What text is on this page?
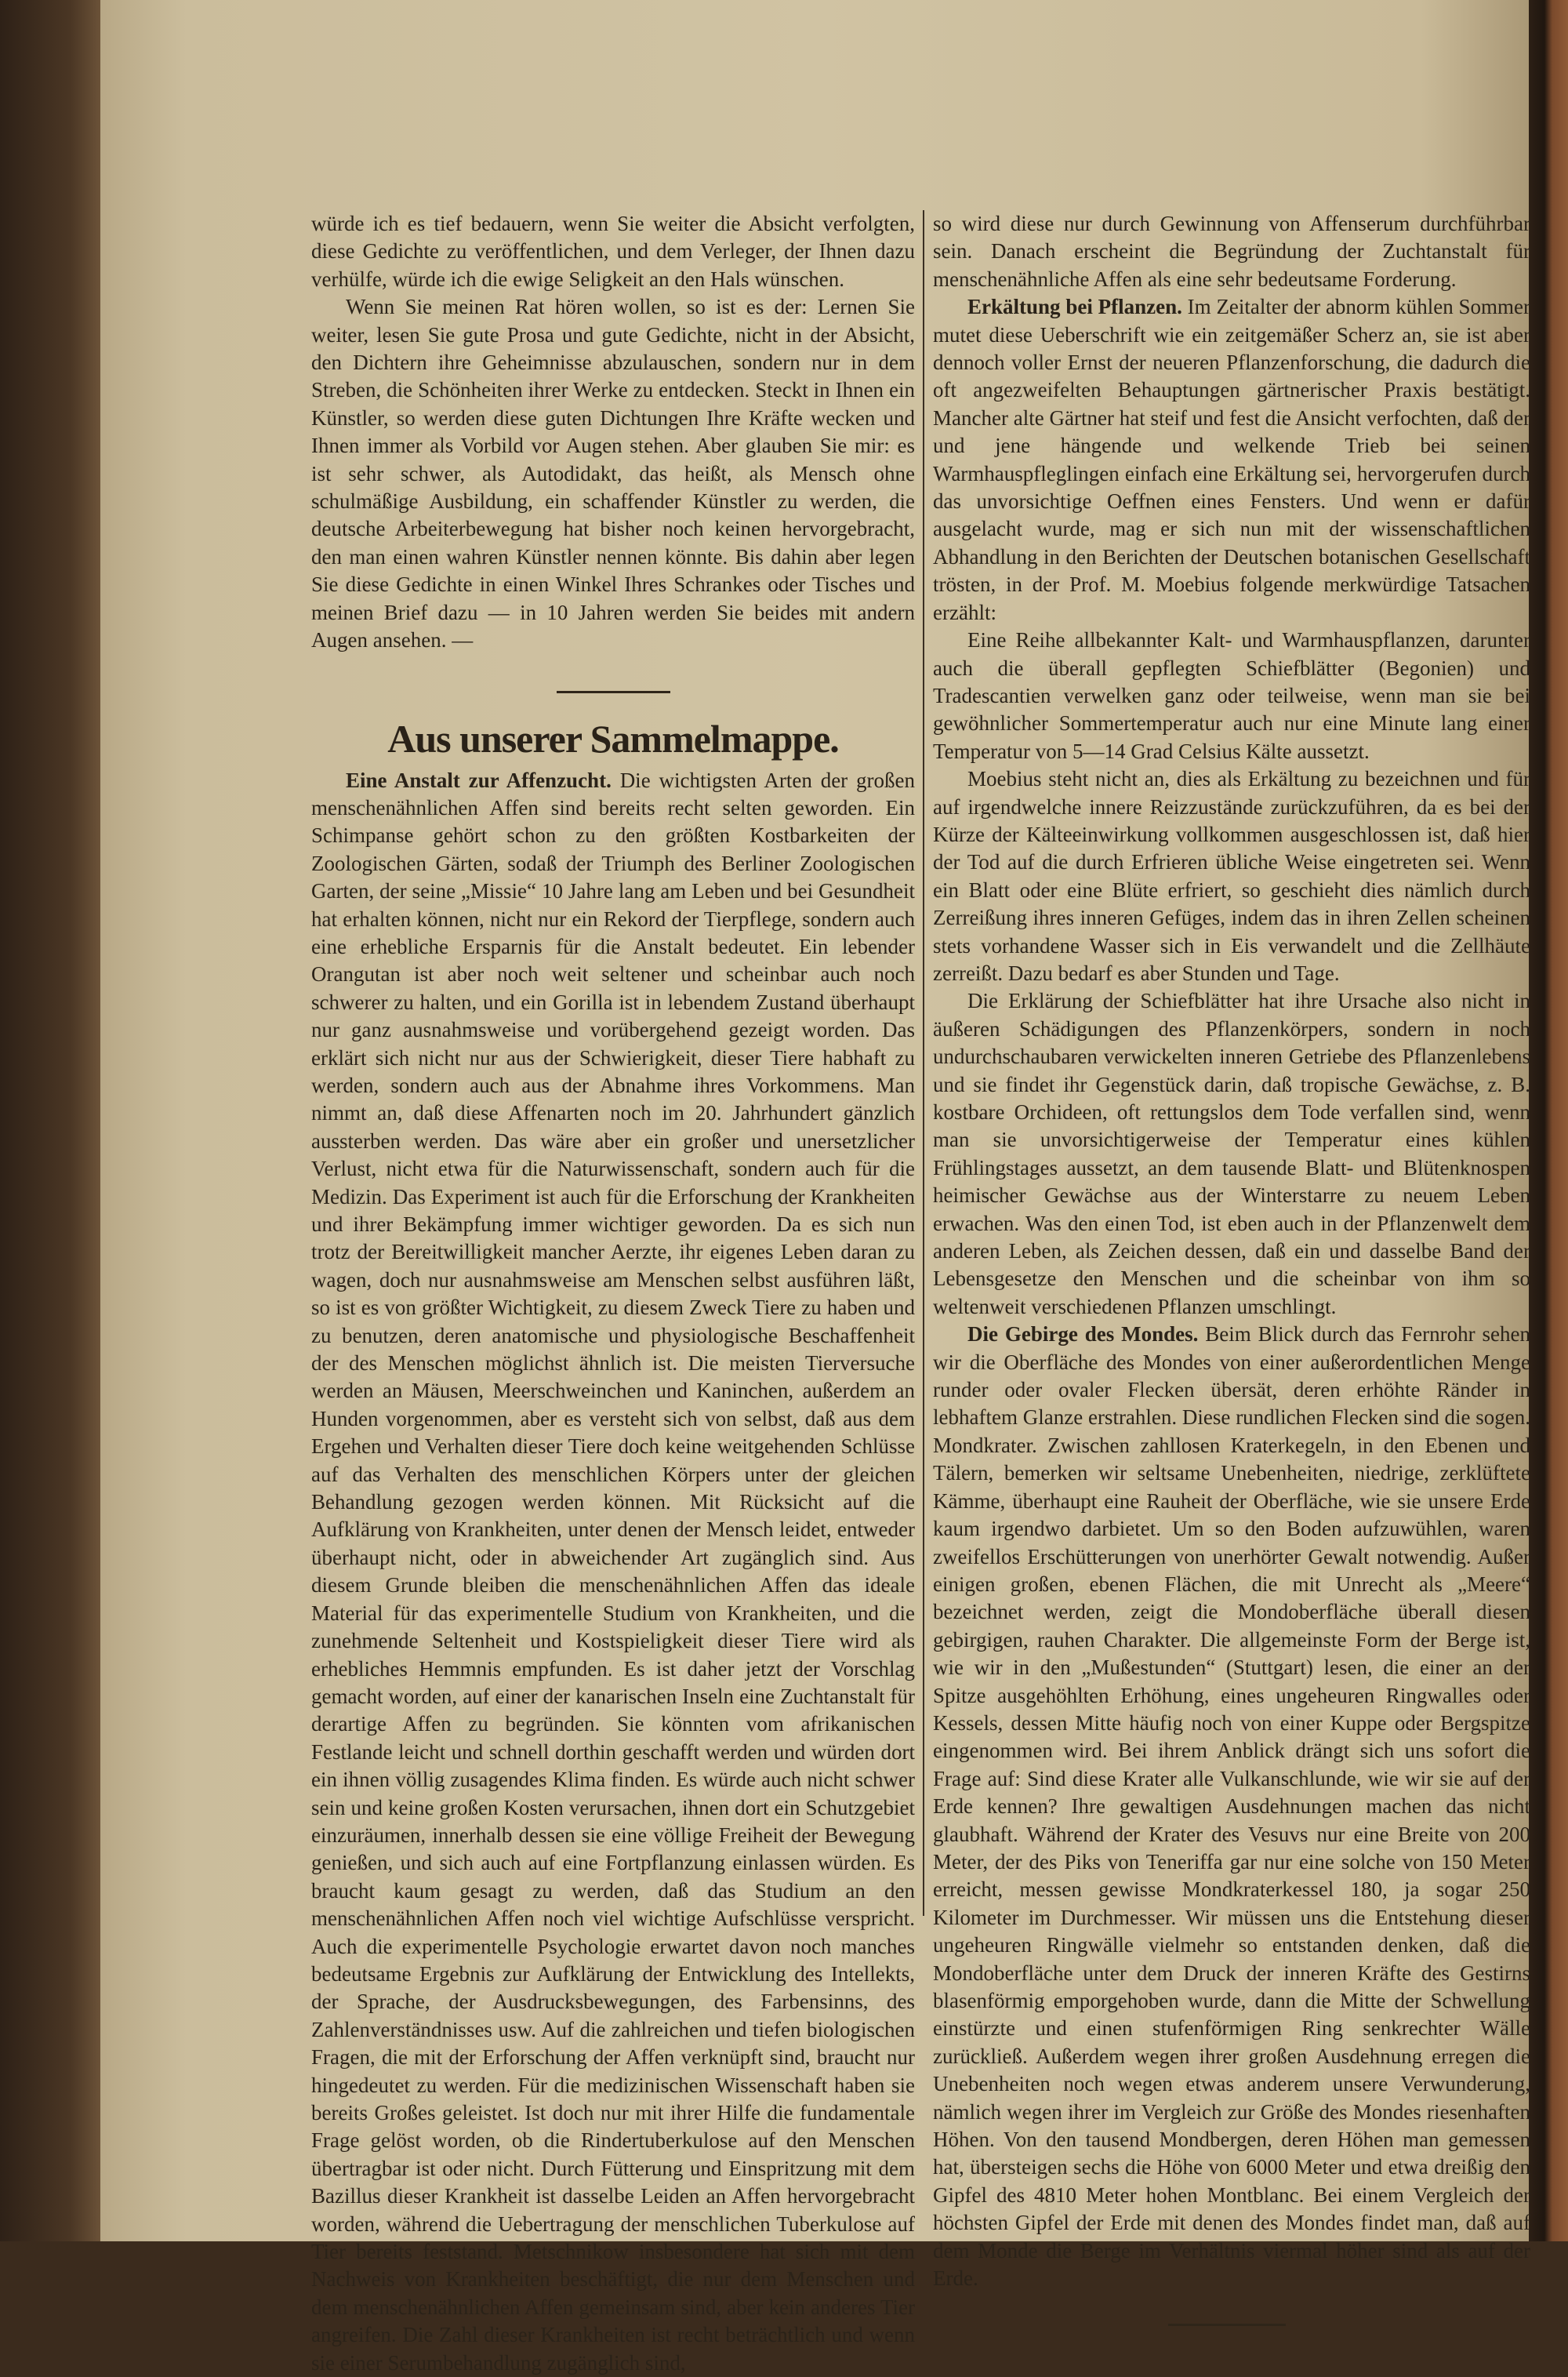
würde ich es tief bedauern, wenn Sie weiter die Absicht verfolgten, diese Gedichte zu veröffentlichen, und dem Verleger, der Ihnen dazu verhülfe, würde ich die ewige Seligkeit an den Hals wünschen.

Wenn Sie meinen Rat hören wollen, so ist es der: Lernen Sie weiter, lesen Sie gute Prosa und gute Gedichte, nicht in der Absicht, den Dichtern ihre Geheimnisse abzulauschen, sondern nur in dem Streben, die Schönheiten ihrer Werke zu entdecken. Steckt in Ihnen ein Künstler, so werden diese guten Dichtungen Ihre Kräfte wecken und Ihnen immer als Vorbild vor Augen stehen. Aber glauben Sie mir: es ist sehr schwer, als Autodidakt, das heißt, als Mensch ohne schulmäßige Ausbildung, ein schaffender Künstler zu werden, die deutsche Arbeiterbewegung hat bisher noch keinen hervorgebracht, den man einen wahren Künstler nennen könnte. Bis dahin aber legen Sie diese Gedichte in einen Winkel Ihres Schrankes oder Tisches und meinen Brief dazu — in 10 Jahren werden Sie beides mit andern Augen ansehen. —

Aus unserer Sammelmappe.

Eine Anstalt zur Affenzucht. Die wichtigsten Arten der großen menschenähnlichen Affen sind bereits recht selten geworden. Ein Schimpanse gehört schon zu den größten Kostbarkeiten der Zoologischen Gärten, sodaß der Triumph des Berliner Zoologischen Garten, der seine „Missie“ 10 Jahre lang am Leben und bei Gesundheit hat erhalten können, nicht nur ein Rekord der Tierpflege, sondern auch eine erhebliche Ersparnis für die Anstalt bedeutet. Ein lebender Orangutan ist aber noch weit seltener und scheinbar auch noch schwerer zu halten, und ein Gorilla ist in lebendem Zustand überhaupt nur ganz ausnahmsweise und vorübergehend gezeigt worden. Das erklärt sich nicht nur aus der Schwierigkeit, dieser Tiere habhaft zu werden, sondern auch aus der Abnahme ihres Vorkommens. Man nimmt an, daß diese Affenarten noch im 20. Jahrhundert gänzlich aussterben werden. Das wäre aber ein großer und unersetzlicher Verlust, nicht etwa für die Naturwissenschaft, sondern auch für die Medizin. Das Experiment ist auch für die Erforschung der Krankheiten und ihrer Bekämpfung immer wichtiger geworden. Da es sich nun trotz der Bereitwilligkeit mancher Aerzte, ihr eigenes Leben daran zu wagen, doch nur ausnahmsweise am Menschen selbst ausführen läßt, so ist es von größter Wichtigkeit, zu diesem Zweck Tiere zu haben und zu benutzen, deren anatomische und physiologische Beschaffenheit der des Menschen möglichst ähnlich ist. Die meisten Tierversuche werden an Mäusen, Meerschweinchen und Kaninchen, außerdem an Hunden vorgenommen, aber es versteht sich von selbst, daß aus dem Ergehen und Verhalten dieser Tiere doch keine weitgehenden Schlüsse auf das Verhalten des menschlichen Körpers unter der gleichen Behandlung gezogen werden können. Mit Rücksicht auf die Aufklärung von Krankheiten, unter denen der Mensch leidet, entweder überhaupt nicht, oder in abweichender Art zugänglich sind. Aus diesem Grunde bleiben die menschenähnlichen Affen das ideale Material für das experimentelle Studium von Krankheiten, und die zunehmende Seltenheit und Kostspieligkeit dieser Tiere wird als erhebliches Hemmnis empfunden. Es ist daher jetzt der Vorschlag gemacht worden, auf einer der kanarischen Inseln eine Zuchtanstalt für derartige Affen zu begründen. Sie könnten vom afrikanischen Festlande leicht und schnell dorthin geschafft werden und würden dort ein ihnen völlig zusagendes Klima finden. Es würde auch nicht schwer sein und keine großen Kosten verursachen, ihnen dort ein Schutzgebiet einzuräumen, innerhalb dessen sie eine völlige Freiheit der Bewegung genießen, und sich auch auf eine Fortpflanzung einlassen würden. Es braucht kaum gesagt zu werden, daß das Studium an den menschenähnlichen Affen noch viel wichtige Aufschlüsse verspricht. Auch die experimentelle Psychologie erwartet davon noch manches bedeutsame Ergebnis zur Aufklärung der Entwicklung des Intellekts, der Sprache, der Ausdrucksbewegungen, des Farbensinns, des Zahlenverständnisses usw. Auf die zahlreichen und tiefen biologischen Fragen, die mit der Erforschung der Affen verknüpft sind, braucht nur hingedeutet zu werden. Für die medizinischen Wissenschaft haben sie bereits Großes geleistet. Ist doch nur mit ihrer Hilfe die fundamentale Frage gelöst worden, ob die Rindertuberkulose auf den Menschen übertragbar ist oder nicht. Durch Fütterung und Einspritzung mit dem Bazillus dieser Krankheit ist dasselbe Leiden an Affen hervorgebracht worden, während die Uebertragung der menschlichen Tuberkulose auf Tier bereits feststand. Metschnikow insbesondere hat sich mit dem Nachweis von Krankheiten beschäftigt, die nur dem Menschen und dem menschenähnlichen Affen gemeinsam sind, aber kein anderes Tier angreifen. Die Zahl dieser Krankheiten ist recht beträchtlich und wenn sie einer Serumbehandlung zugänglich sind,

so wird diese nur durch Gewinnung von Affenserum durchführbar sein. Danach erscheint die Begründung der Zuchtanstalt für menschenähnliche Affen als eine sehr bedeutsame Forderung.

Erkältung bei Pflanzen. Im Zeitalter der abnorm kühlen Sommer mutet diese Ueberschrift wie ein zeitgemäßer Scherz an, sie ist aber dennoch voller Ernst der neueren Pflanzenforschung, die dadurch die oft angezweifelten Behauptungen gärtnerischer Praxis bestätigt. Mancher alte Gärtner hat steif und fest die Ansicht verfochten, daß der und jene hängende und welkende Trieb bei seinen Warmhauspfleglingen einfach eine Erkältung sei, hervorgerufen durch das unvorsichtige Oeffnen eines Fensters. Und wenn er dafür ausgelacht wurde, mag er sich nun mit der wissenschaftlichen Abhandlung in den Berichten der Deutschen botanischen Gesellschaft trösten, in der Prof. M. Moebius folgende merkwürdige Tatsachen erzählt:

Eine Reihe allbekannter Kalt- und Warmhauspflanzen, darunter auch die überall gepflegten Schiefblätter (Begonien) und Tradescantien verwelken ganz oder teilweise, wenn man sie bei gewöhnlicher Sommertemperatur auch nur eine Minute lang einer Temperatur von 5—14 Grad Celsius Kälte aussetzt.

Moebius steht nicht an, dies als Erkältung zu bezeichnen und für auf irgendwelche innere Reizzustände zurückzuführen, da es bei der Kürze der Kälteeinwirkung vollkommen ausgeschlossen ist, daß hier der Tod auf die durch Erfrieren übliche Weise eingetreten sei. Wenn ein Blatt oder eine Blüte erfriert, so geschieht dies nämlich durch Zerreißung ihres inneren Gefüges, indem das in ihren Zellen scheinen stets vorhandene Wasser sich in Eis verwandelt und die Zellhäute zerreißt. Dazu bedarf es aber Stunden und Tage.

Die Erklärung der Schiefblätter hat ihre Ursache also nicht in äußeren Schädigungen des Pflanzenkörpers, sondern in noch undurchschaubaren verwickelten inneren Getriebe des Pflanzenlebens und sie findet ihr Gegenstück darin, daß tropische Gewächse, z. B. kostbare Orchideen, oft rettungslos dem Tode verfallen sind, wenn man sie unvorsichtigerweise der Temperatur eines kühlen Frühlingstages aussetzt, an dem tausende Blatt- und Blütenknospen heimischer Gewächse aus der Winterstarre zu neuem Leben erwachen. Was den einen Tod, ist eben auch in der Pflanzenwelt dem anderen Leben, als Zeichen dessen, daß ein und dasselbe Band der Lebensgesetze den Menschen und die scheinbar von ihm so weltenweit verschiedenen Pflanzen umschlingt.

Die Gebirge des Mondes. Beim Blick durch das Fernrohr sehen wir die Oberfläche des Mondes von einer außerordentlichen Menge runder oder ovaler Flecken übersät, deren erhöhte Ränder in lebhaftem Glanze erstrahlen. Diese rundlichen Flecken sind die sogen. Mondkrater. Zwischen zahllosen Kraterkegeln, in den Ebenen und Tälern, bemerken wir seltsame Unebenheiten, niedrige, zerklüftete Kämme, überhaupt eine Rauheit der Oberfläche, wie sie unsere Erde kaum irgendwo darbietet. Um so den Boden aufzuwühlen, waren zweifellos Erschütterungen von unerhörter Gewalt notwendig. Außer einigen großen, ebenen Flächen, die mit Unrecht als „Meere“ bezeichnet werden, zeigt die Mondoberfläche überall diesen gebirgigen, rauhen Charakter. Die allgemeinste Form der Berge ist, wie wir in den „Mußestunden“ (Stuttgart) lesen, die einer an der Spitze ausgehöhlten Erhöhung, eines ungeheuren Ringwalles oder Kessels, dessen Mitte häufig noch von einer Kuppe oder Bergspitze eingenommen wird. Bei ihrem Anblick drängt sich uns sofort die Frage auf: Sind diese Krater alle Vulkanschlunde, wie wir sie auf der Erde kennen? Ihre gewaltigen Ausdehnungen machen das nicht glaubhaft. Während der Krater des Vesuvs nur eine Breite von 200 Meter, der des Piks von Teneriffa gar nur eine solche von 150 Meter erreicht, messen gewisse Mondkraterkessel 180, ja sogar 250 Kilometer im Durchmesser. Wir müssen uns die Entstehung dieser ungeheuren Ringwälle vielmehr so entstanden denken, daß die Mondoberfläche unter dem Druck der inneren Kräfte des Gestirns blasenförmig emporgehoben wurde, dann die Mitte der Schwellung einstürzte und einen stufenförmigen Ring senkrechter Wälle zurückließ. Außerdem wegen ihrer großen Ausdehnung erregen die Unebenheiten noch wegen etwas anderem unsere Verwunderung, nämlich wegen ihrer im Vergleich zur Größe des Mondes riesenhaften Höhen. Von den tausend Mondbergen, deren Höhen man gemessen hat, übersteigen sechs die Höhe von 6000 Meter und etwa dreißig den Gipfel des 4810 Meter hohen Montblanc. Bei einem Vergleich der höchsten Gipfel der Erde mit denen des Mondes findet man, daß auf dem Monde die Berge im Verhältnis viermal höher sind als auf der Erde.
